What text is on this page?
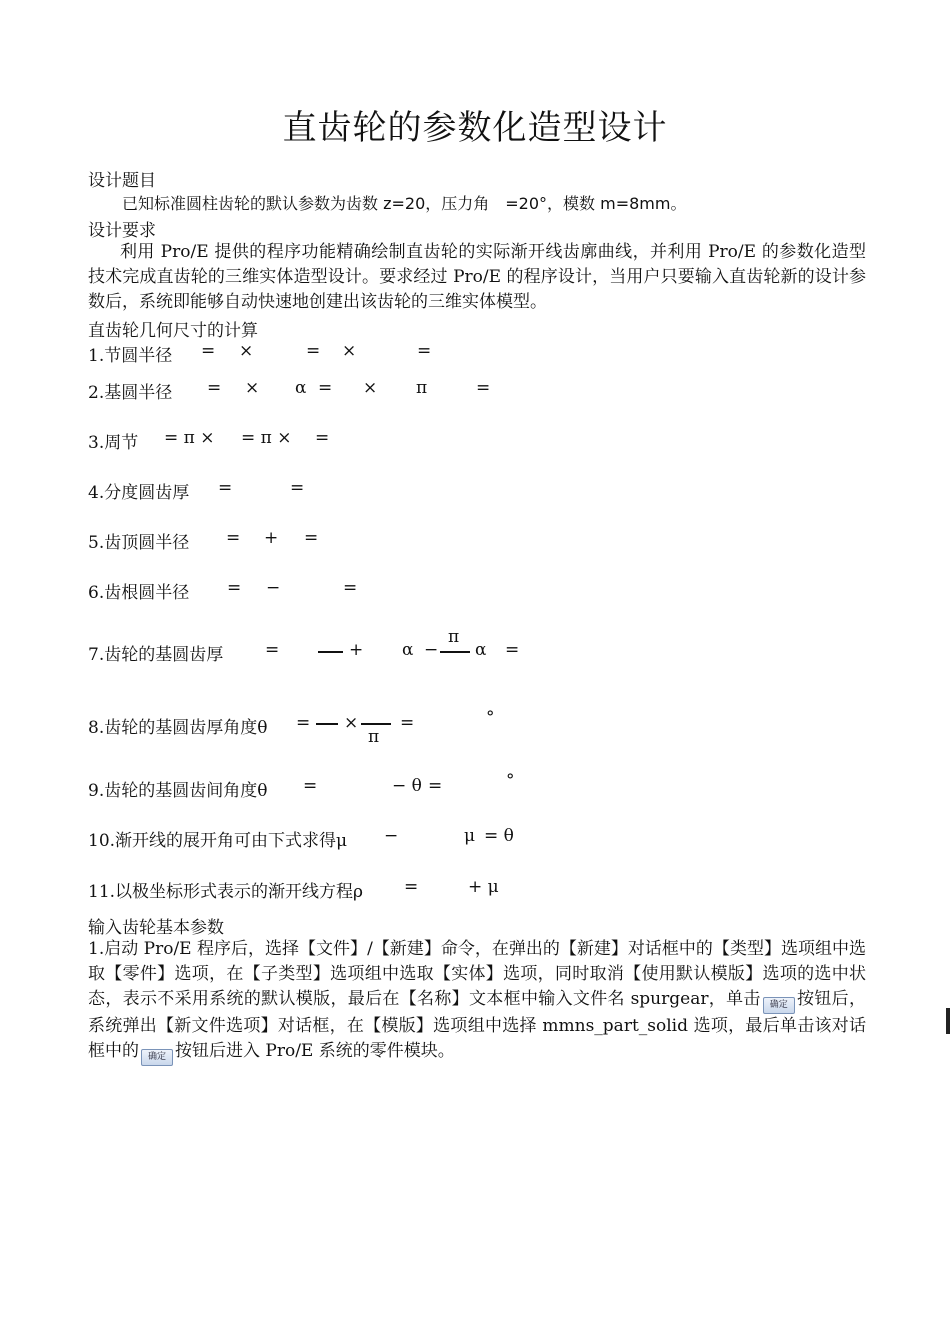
直齿轮的参数化造型设计
设计题目
已知标准圆柱齿轮的默认参数为齿数 z=20，压力角　=20°，模数 m=8mm。
设计要求
利用 Pro/E 提供的程序功能精确绘制直齿轮的实际渐开线齿廓曲线，并利用 Pro/E 的参数化造型技术完成直齿轮的三维实体造型设计。要求经过 Pro/E 的程序设计，当用户只要输入直齿轮新的设计参数后，系统即能够自动快速地创建出该齿轮的三维实体模型。
直齿轮几何尺寸的计算
1.节圆半径 = ×	= ×	=
2.基圆半径 = × α = × π	=
3.周节 = π × = π × =
4.分度圆齿厚 =	=
5.齿顶圆半径 = + =
6.齿根圆半径 = −	=
7.齿轮的基圆齿厚 =	+ α −
π
α =
8.齿轮的基圆齿厚角度θ = ×
π
=	°
9.齿轮的基圆齿间角度θ =	− θ =	°
10.渐开线的展开角可由下式求得μ −	μ = θ
11.以极坐标形式表示的渐开线方程ρ =	+ μ
输入齿轮基本参数
1.启动 Pro/E 程序后，选择【文件】/【新建】命令，在弹出的【新建】对话框中的【类型】选项组中选取【零件】选项，在【子类型】选项组中选取【实体】选项，同时取消【使用默认模版】选项的选中状态，表示不采用系统的默认模版，最后在【名称】文本框中输入文件名 spurgear，单击 确定 按钮后，系统弹出【新文件选项】对话框，在【模版】选项组中选择 mmns_part_solid 选项，最后单击该对话框中的 确定 按钮后进入 Pro/E 系统的零件模块。
